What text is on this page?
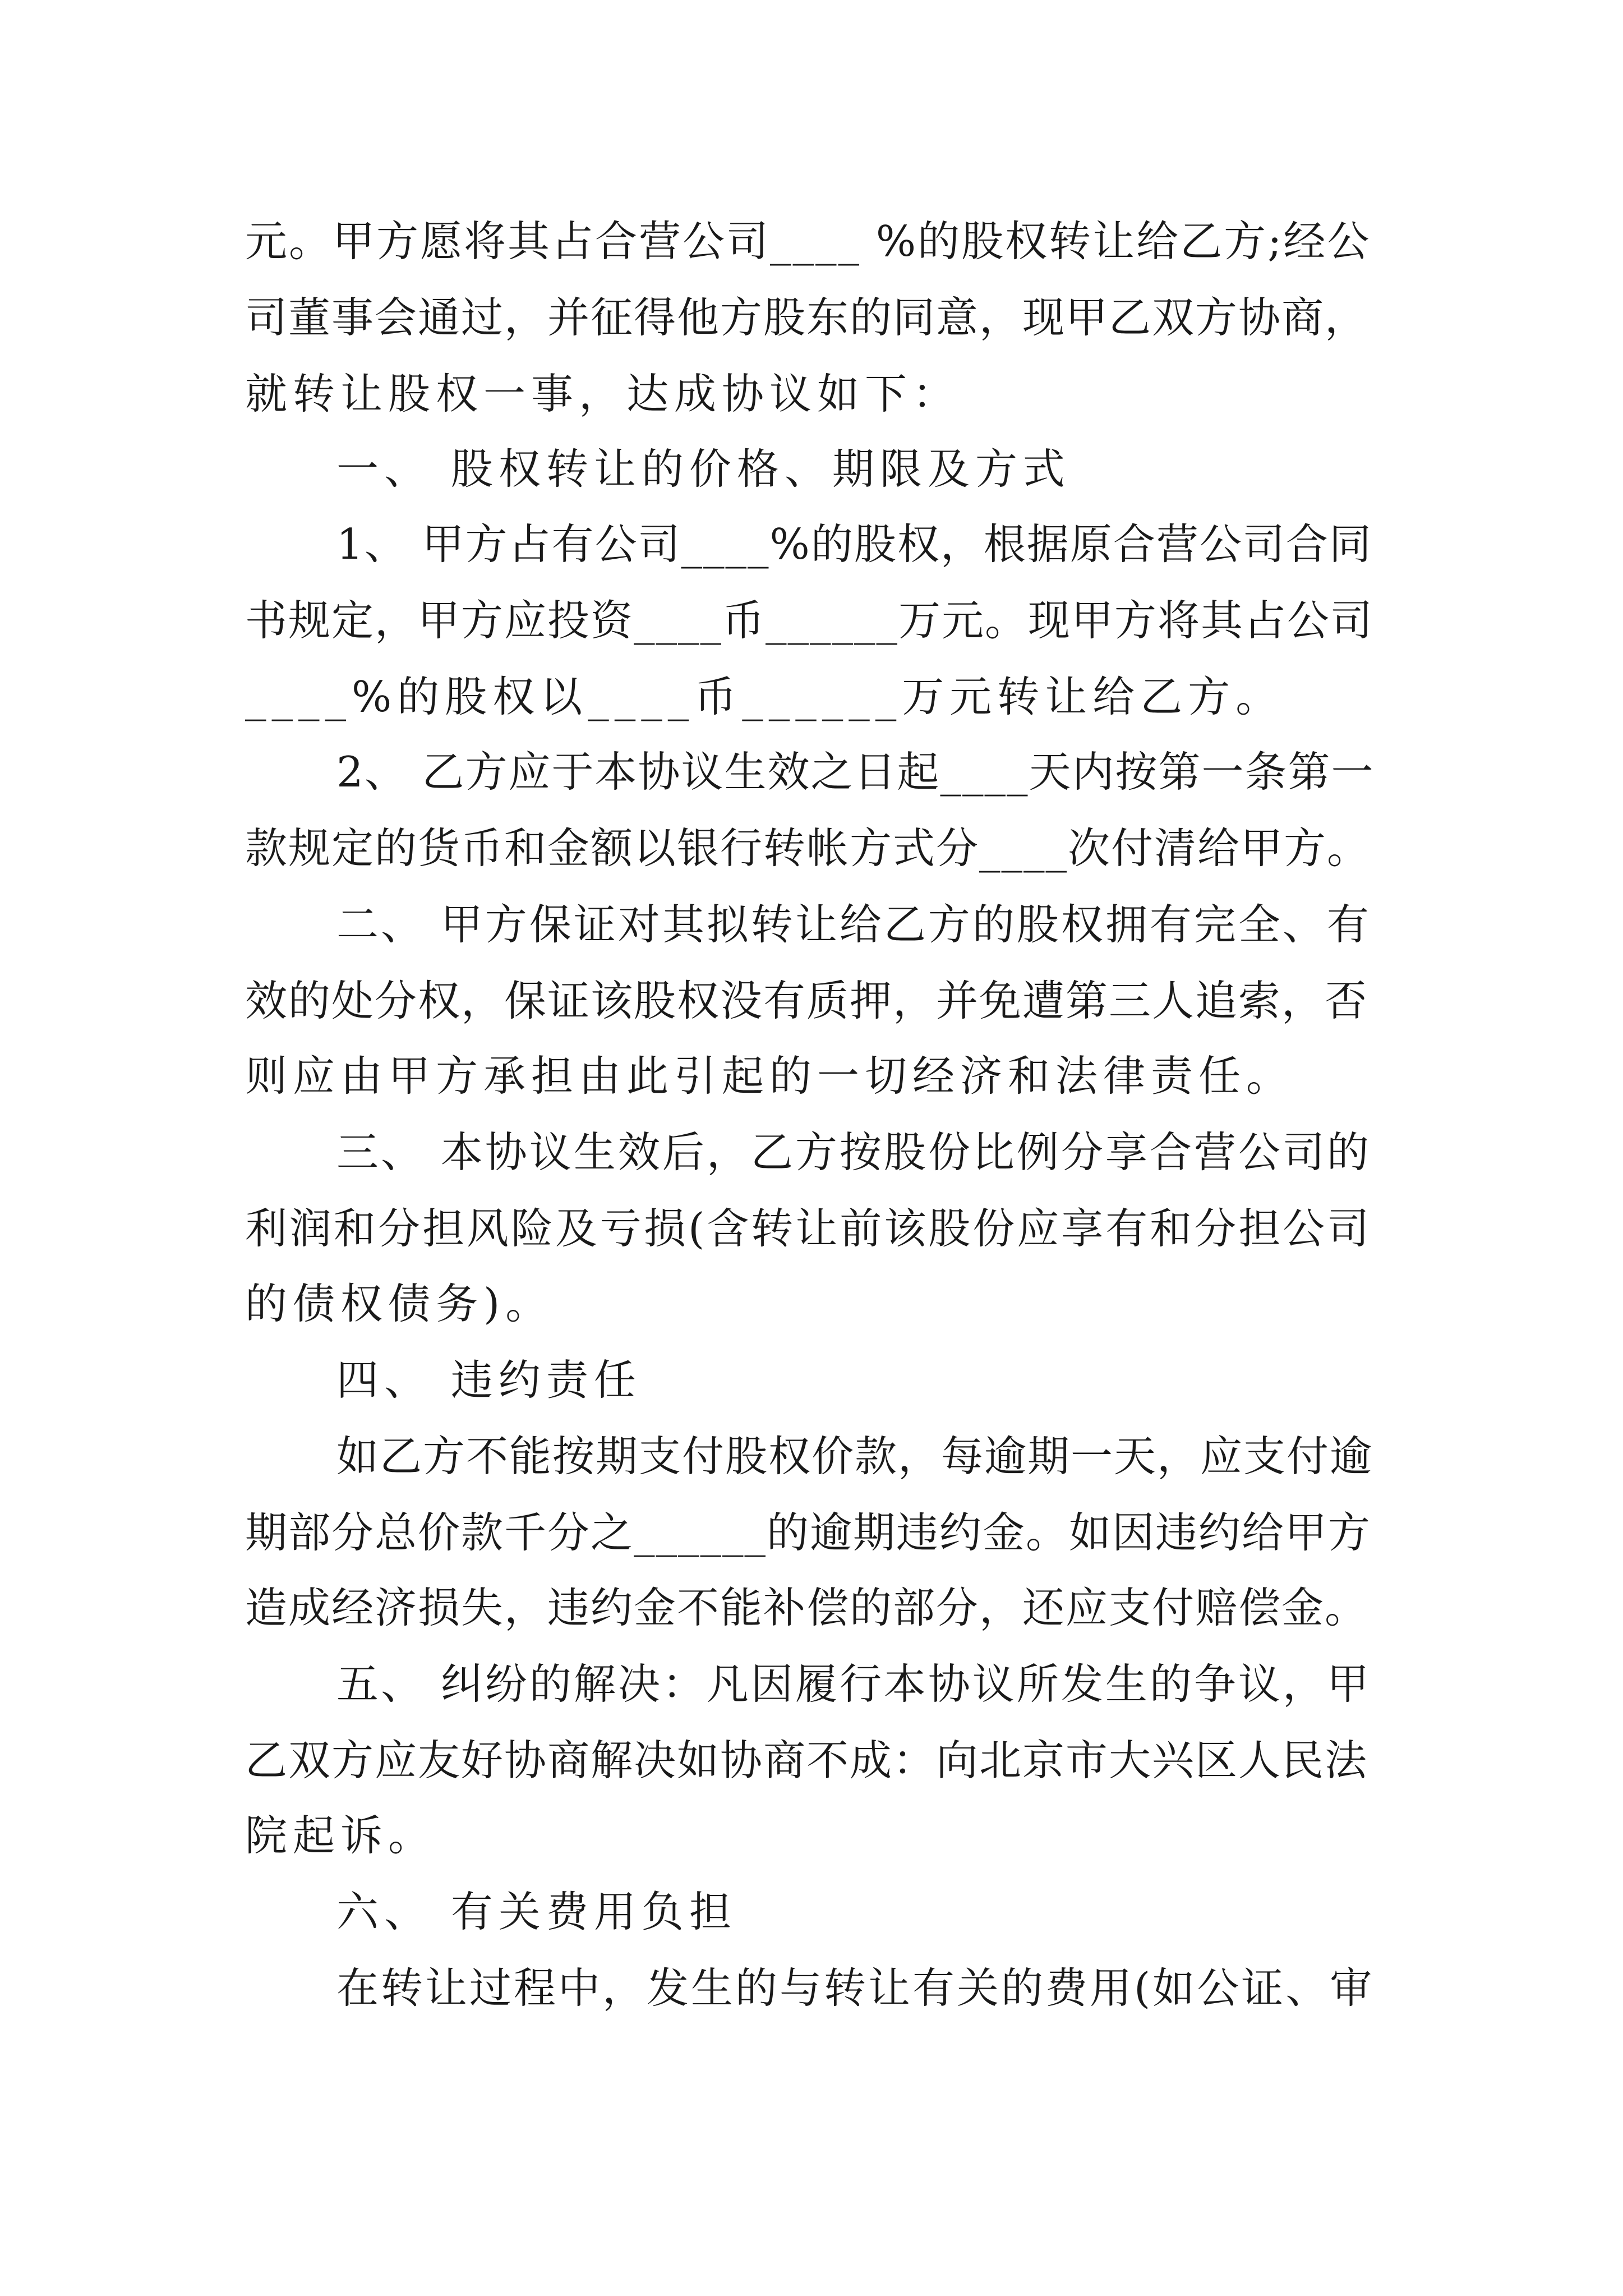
元。甲方愿将其占合营公司____ %的股权转让给乙方;经公

司董事会通过，并征得他方股东的同意，现甲乙双方协商，

就转让股权一事，达成协议如下：

一、 股权转让的价格、期限及方式

1、 甲方占有公司____%的股权，根据原合营公司合同

书规定，甲方应投资____币______万元。现甲方将其占公司

____%的股权以____币______万元转让给乙方。

2、 乙方应于本协议生效之日起____天内按第一条第一

款规定的货币和金额以银行转帐方式分____次付清给甲方。

二、 甲方保证对其拟转让给乙方的股权拥有完全、有

效的处分权，保证该股权没有质押，并免遭第三人追索，否

则应由甲方承担由此引起的一切经济和法律责任。

三、 本协议生效后，乙方按股份比例分享合营公司的

利润和分担风险及亏损(含转让前该股份应享有和分担公司

的债权债务)。

四、 违约责任

如乙方不能按期支付股权价款，每逾期一天，应支付逾

期部分总价款千分之______的逾期违约金。如因违约给甲方

造成经济损失，违约金不能补偿的部分，还应支付赔偿金。

五、 纠纷的解决：凡因履行本协议所发生的争议，甲

乙双方应友好协商解决如协商不成：向北京市大兴区人民法

院起诉。

六、 有关费用负担

在转让过程中，发生的与转让有关的费用(如公证、审
